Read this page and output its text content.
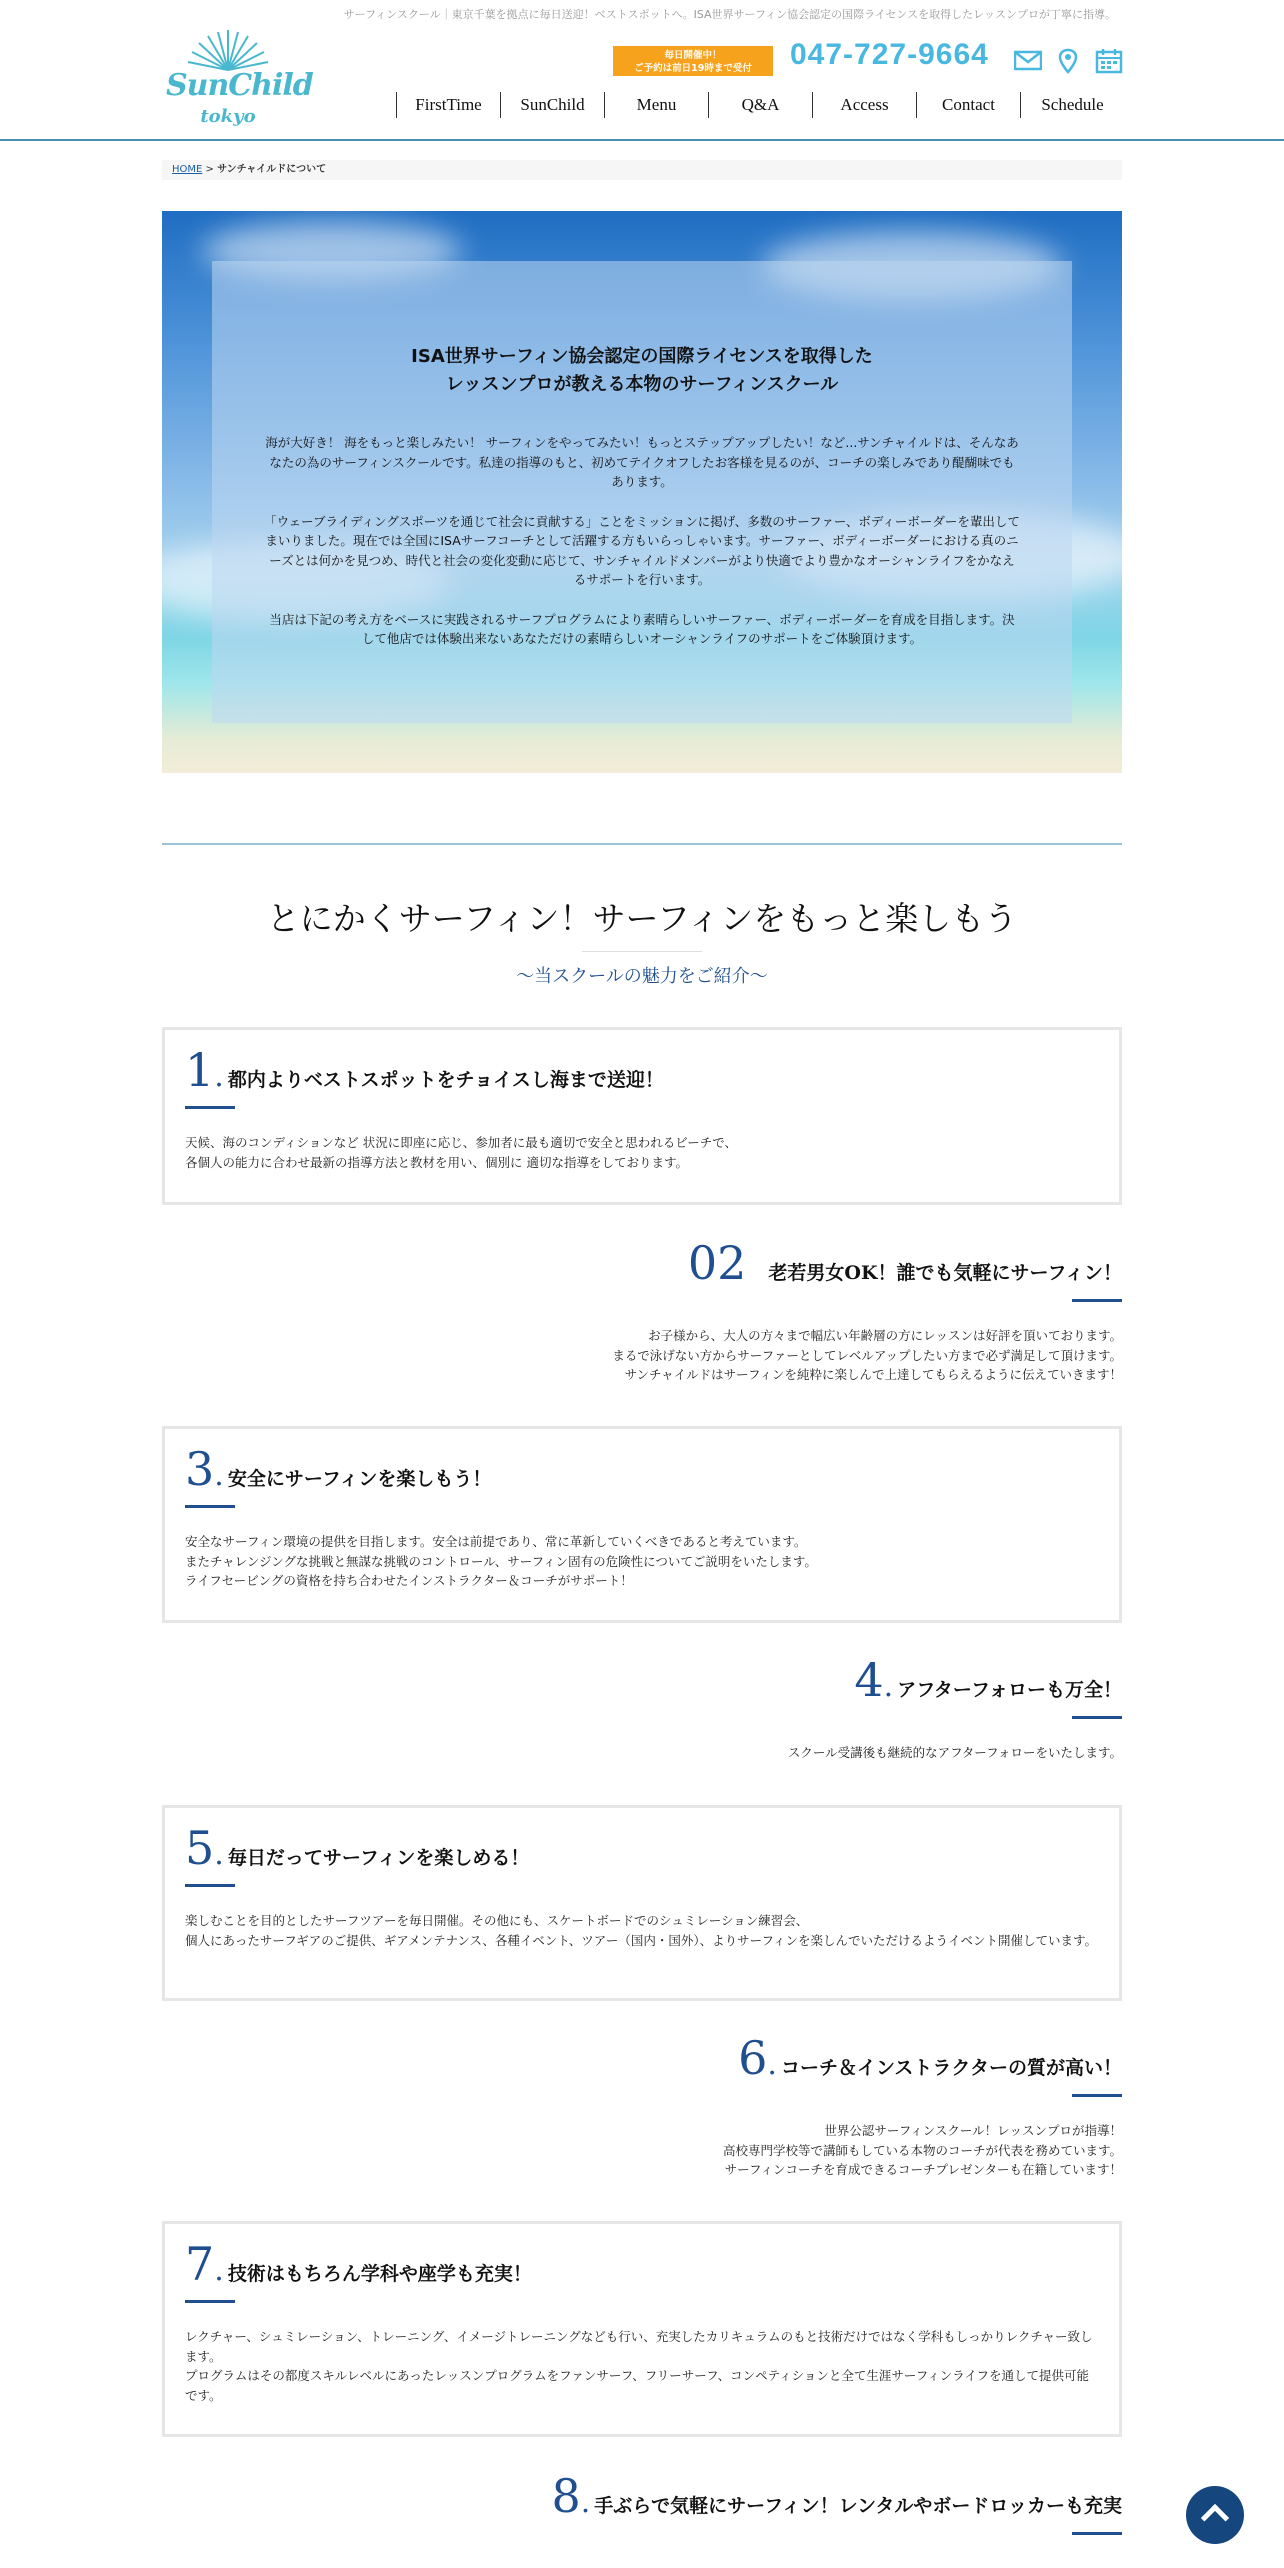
サーフィンスクール｜東京千葉を拠点に毎日送迎！ベストスポットへ。ISA世界サーフィン協会認定の国際ライセンスを取得したレッスンプロが丁寧に指導。
SunChild
tokyo
毎日開催中！
ご予約は前日19時まで受付	047-727-9664
FirstTime	SunChild	Menu	Q&A	Access	Contact	Schedule
HOME > サンチャイルドについて
ISA世界サーフィン協会認定の国際ライセンスを取得した
レッスンプロが教える本物のサーフィンスクール
海が大好き！ 海をもっと楽しみたい！ サーフィンをやってみたい！もっとステップアップしたい！など...サンチャイルドは、そんなあなたの為のサーフィンスクールです。私達の指導のもと、初めてテイクオフしたお客様を見るのが、コーチの楽しみであり醍醐味でもあります。
「ウェーブライディングスポーツを通じて社会に貢献する」ことをミッションに掲げ、多数のサーファー、ボディーボーダーを輩出してまいりました。現在では全国にISAサーフコーチとして活躍する方もいらっしゃいます。サーファー、ボディーボーダーにおける真のニーズとは何かを見つめ、時代と社会の変化変動に応じて、サンチャイルドメンバーがより快適でより豊かなオーシャンライフをかなえるサポートを行います。
当店は下記の考え方をベースに実践されるサーフプログラムにより素晴らしいサーファー、ボディーボーダーを育成を目指します。決して他店では体験出来ないあなただけの素晴らしいオーシャンライフのサポートをご体験頂けます。
とにかくサーフィン！サーフィンをもっと楽しもう
〜当スクールの魅力をご紹介〜
1 . 都内よりベストスポットをチョイスし海まで送迎！

天候、海のコンディションなど 状況に即座に応じ、参加者に最も適切で安全と思われるビーチで、

各個人の能力に合わせ最新の指導方法と教材を用い、個別に 適切な指導をしております。

02 老若男女OK！誰でも気軽にサーフィン！

お子様から、大人の方々まで幅広い年齢層の方にレッスンは好評を頂いております。

まるで泳げない方からサーファーとしてレベルアップしたい方まで必ず満足して頂けます。

サンチャイルドはサーフィンを純粋に楽しんで上達してもらえるように伝えていきます！

3 . 安全にサーフィンを楽しもう！

安全なサーフィン環境の提供を目指します。安全は前提であり、常に革新していくべきであると考えています。

またチャレンジングな挑戦と無謀な挑戦のコントロール、サーフィン固有の危険性についてご説明をいたします。

ライフセービングの資格を持ち合わせたインストラクター＆コーチがサポート！

4 . アフターフォローも万全！

スクール受講後も継続的なアフターフォローをいたします。

5 . 毎日だってサーフィンを楽しめる！

楽しむことを目的としたサーフツアーを毎日開催。その他にも、スケートボードでのシュミレーション練習会、

個人にあったサーフギアのご提供、ギアメンテナンス、各種イベント、ツアー（国内・国外）、よりサーフィンを楽しんでいただけるようイベント開催しています。

6 . コーチ＆インストラクターの質が高い！

世界公認サーフィンスクール！レッスンプロが指導！

高校専門学校等で講師もしている本物のコーチが代表を務めています。

サーフィンコーチを育成できるコーチプレゼンターも在籍しています！

7 . 技術はもちろん学科や座学も充実！

レクチャー、シュミレーション、トレーニング、イメージトレーニングなども行い、充実したカリキュラムのもと技術だけではなく学科もしっかりレクチャー致します。

プログラムはその都度スキルレベルにあったレッスンプログラムをファンサーフ、フリーサーフ、コンペティションと全て生涯サーフィンライフを通して提供可能です。

8 . 手ぶらで気軽にサーフィン！レンタルやボードロッカーも充実
